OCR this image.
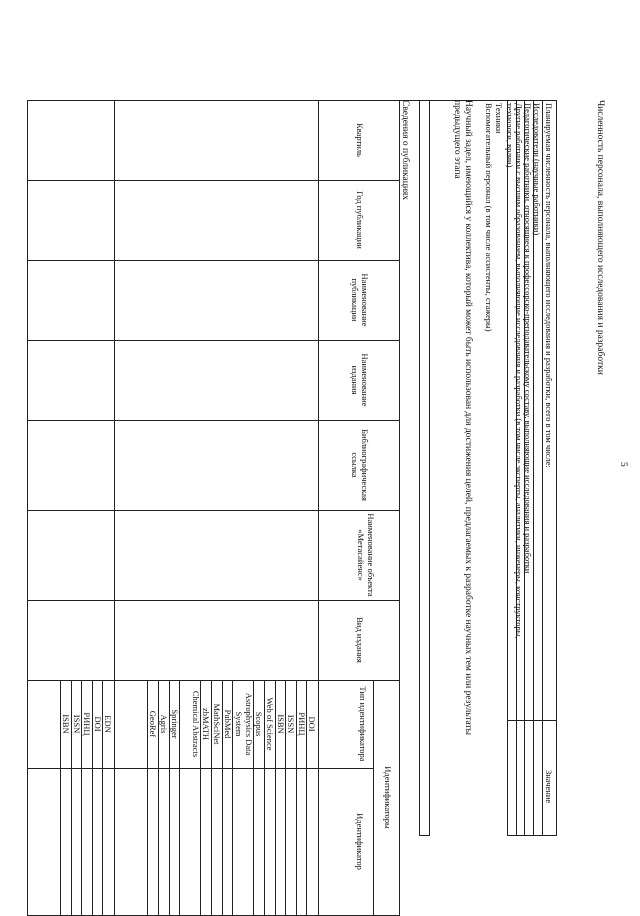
5
Численность персонала, выполняющего исследования и разработки
Значение
Планируемая численность персонала, выполняющего исследования и разработки, всего в том числе:
Исследователи (научные работники)
Педагогические работники, относящиеся к профессорско-преподавательскому составу, выполняющие исследования и разработки
Другие работники с высшим образованием, выполняющие исследования и разработки (в том числе эксперты, аналитики, инженеры, конструкторы,
технологи, врачи)
Техники
Вспомогательный персонал (в том числе ассистенты, стажеры)
Научный задел, имеющийся у коллектива, который может быть использован для достижения целей, предлагаемых к разработке научных тем или результаты
предыдущего этапа
Сведения о публикациях
Квартиль
Год публикации
Наименование публикации
Наименование издания
Библиографическая ссылка
Наименование объекта «Метасайенс»
Вид издания
Идентификаторы
Тип идентификатора
Идентификатор
DOI
РИНЦ
ISSN
ISBN
Web of Science
Scopus
Astrophysics Data System
PubMed
MathSciNet
zbMATH
Chemical Abstracts
Springer
Agris
GeoRef
EDN
DOI
РИНЦ
ISSN
ISBN
